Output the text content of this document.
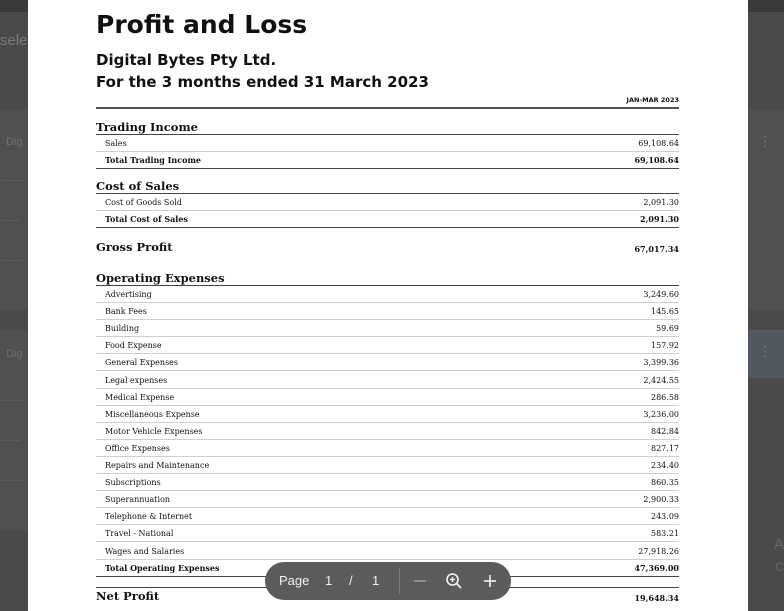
sele
Dig
Dig
⋮
⋮
A
C
Profit and Loss
Digital Bytes Pty Ltd.
For the 3 months ended 31 March 2023
JAN-MAR 2023
Trading Income
Sales	69,108.64
Total Trading Income	69,108.64
Cost of Sales
Cost of Goods Sold	2,091.30
Total Cost of Sales	2,091.30
Gross Profit	67,017.34
Operating Expenses
Advertising	3,249.60
Bank Fees	145.65
Building	59.69
Food Expense	157.92
General Expenses	3,399.36
Legal expenses	2,424.55
Medical Expense	286.58
Miscellaneous Expense	3,236.00
Motor Vehicle Expenses	842.84
Office Expenses	827.17
Repairs and Maintenance	234.40
Subscriptions	860.35
Superannuation	2,900.33
Telephone & Internet	243.09
Travel - National	583.21
Wages and Salaries	27,918.26
Total Operating Expenses	47,369.00
Net Profit	19,648.34
Page 1 / 1
